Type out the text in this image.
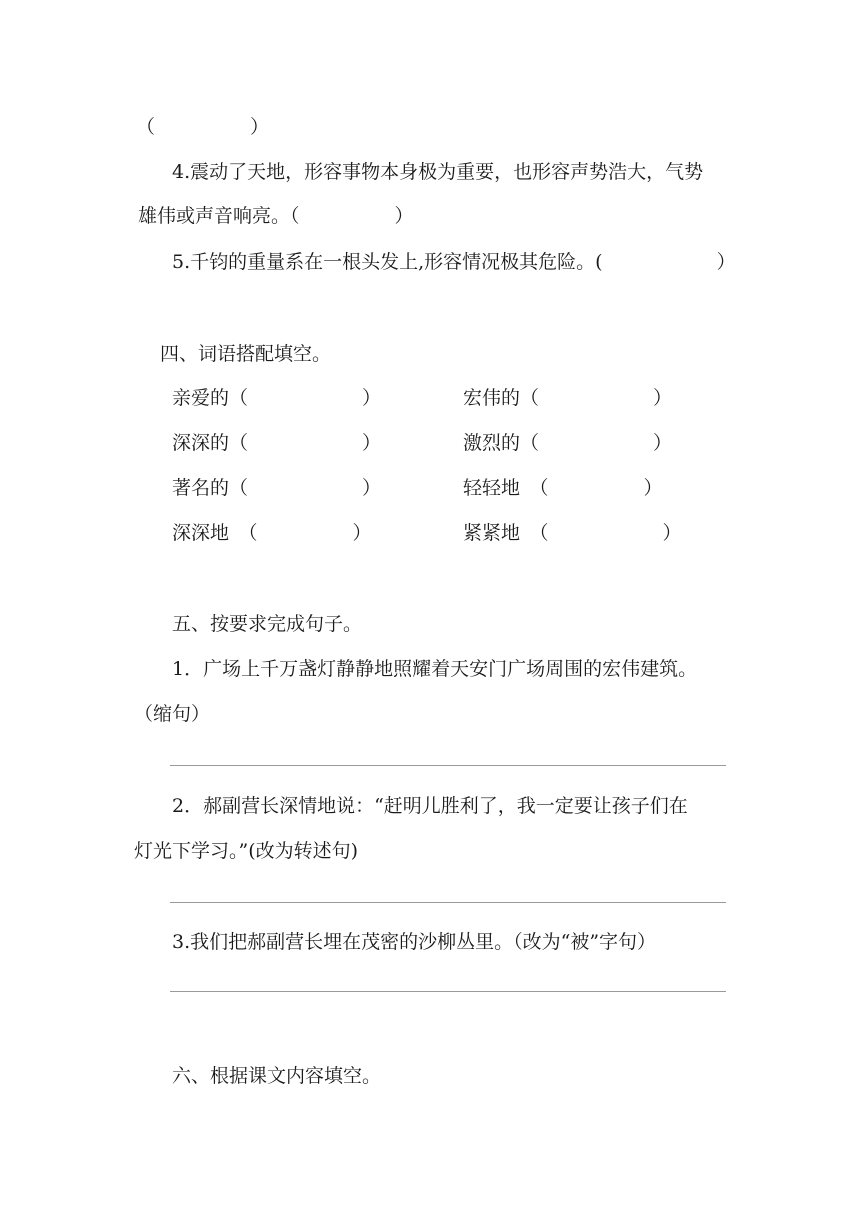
（　　　　　）
4.震动了天地，形容事物本身极为重要，也形容声势浩大，气势
雄伟或声音响亮。（　　　　　）
5.千钧的重量系在一根头发上,形容情况极其危险。(　　　　　　）
四、词语搭配填空。
亲爱的（　　　　　　）	宏伟的（　　　　　　）
深深的（　　　　　　）	激烈的（　　　　　　）
著名的（　　　　　　）	轻轻地　（　　　　　）
深深地　（　　　　　）	紧紧地　（　　　　　　）
五、按要求完成句子。
1．广场上千万盏灯静静地照耀着天安门广场周围的宏伟建筑。
（缩句）
2．郝副营长深情地说：“赶明儿胜利了，我一定要让孩子们在
灯光下学习。”(改为转述句)
3.我们把郝副营长埋在茂密的沙柳丛里。（改为“被”字句）
六、根据课文内容填空。
